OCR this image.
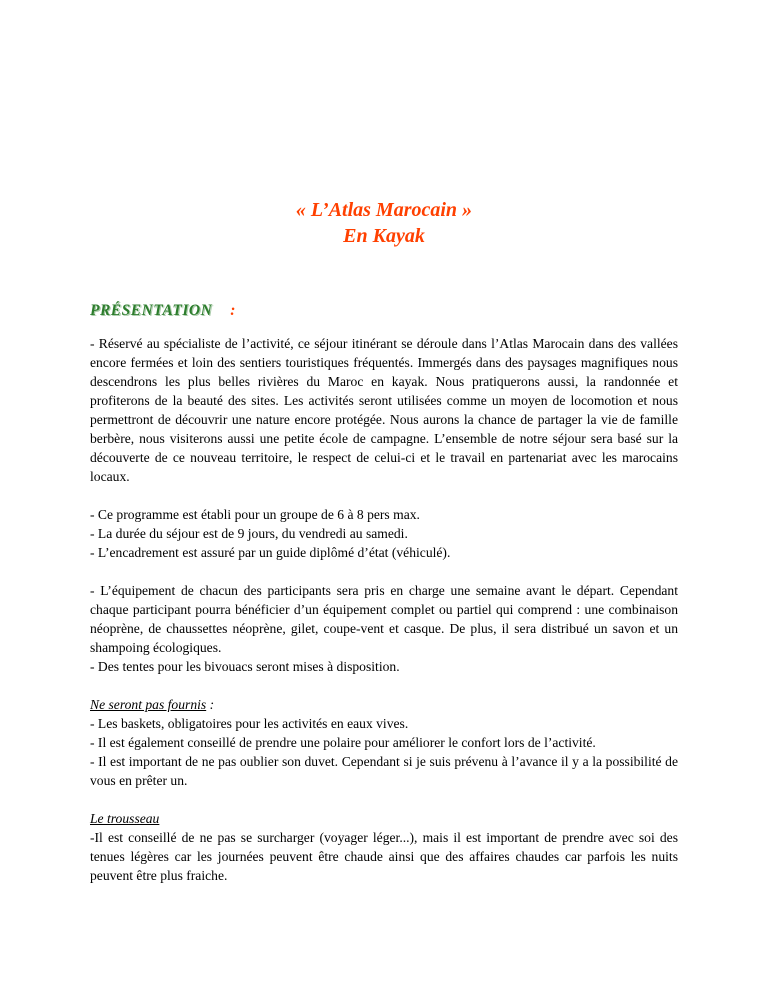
« L’Atlas Marocain »
En Kayak
PRÉSENTATION :

- Réservé au spécialiste de l’activité, ce séjour itinérant se déroule dans l’Atlas Marocain dans des vallées encore fermées et loin des sentiers touristiques fréquentés. Immergés dans des paysages magnifiques nous descendrons les plus belles rivières du Maroc en kayak. Nous pratiquerons aussi, la randonnée et profiterons de la beauté des sites. Les activités seront utilisées comme un moyen de locomotion et nous permettront de découvrir une nature encore protégée. Nous aurons la chance de partager la vie de famille berbère, nous visiterons aussi une petite école de campagne. L’ensemble de notre séjour sera basé sur la découverte de ce nouveau territoire, le respect de celui-ci et le travail en partenariat avec les marocains locaux.

- Ce programme est établi pour un groupe de 6 à 8 pers max.

- La durée du séjour est de 9 jours, du vendredi au samedi.

- L’encadrement est assuré par un guide diplômé d’état (véhiculé).

- L’équipement de chacun des participants sera pris en charge une semaine avant le départ. Cependant chaque participant pourra bénéficier d’un équipement complet ou partiel qui comprend : une combinaison néoprène, de chaussettes néoprène, gilet, coupe-vent et casque. De plus, il sera distribué un savon et un shampoing écologiques.

- Des tentes pour les bivouacs seront mises à disposition.

Ne seront pas fournis :

- Les baskets, obligatoires pour les activités en eaux vives.

- Il est également conseillé de prendre une polaire pour améliorer le confort lors de l’activité.

- Il est important de ne pas oublier son duvet. Cependant si je suis prévenu à l’avance il y a la possibilité de vous en prêter un.

Le trousseau

-Il est conseillé de ne pas se surcharger (voyager léger...), mais il est important de prendre avec soi des tenues légères car les journées peuvent être chaude ainsi que des affaires chaudes car parfois les nuits peuvent être plus fraiche.
